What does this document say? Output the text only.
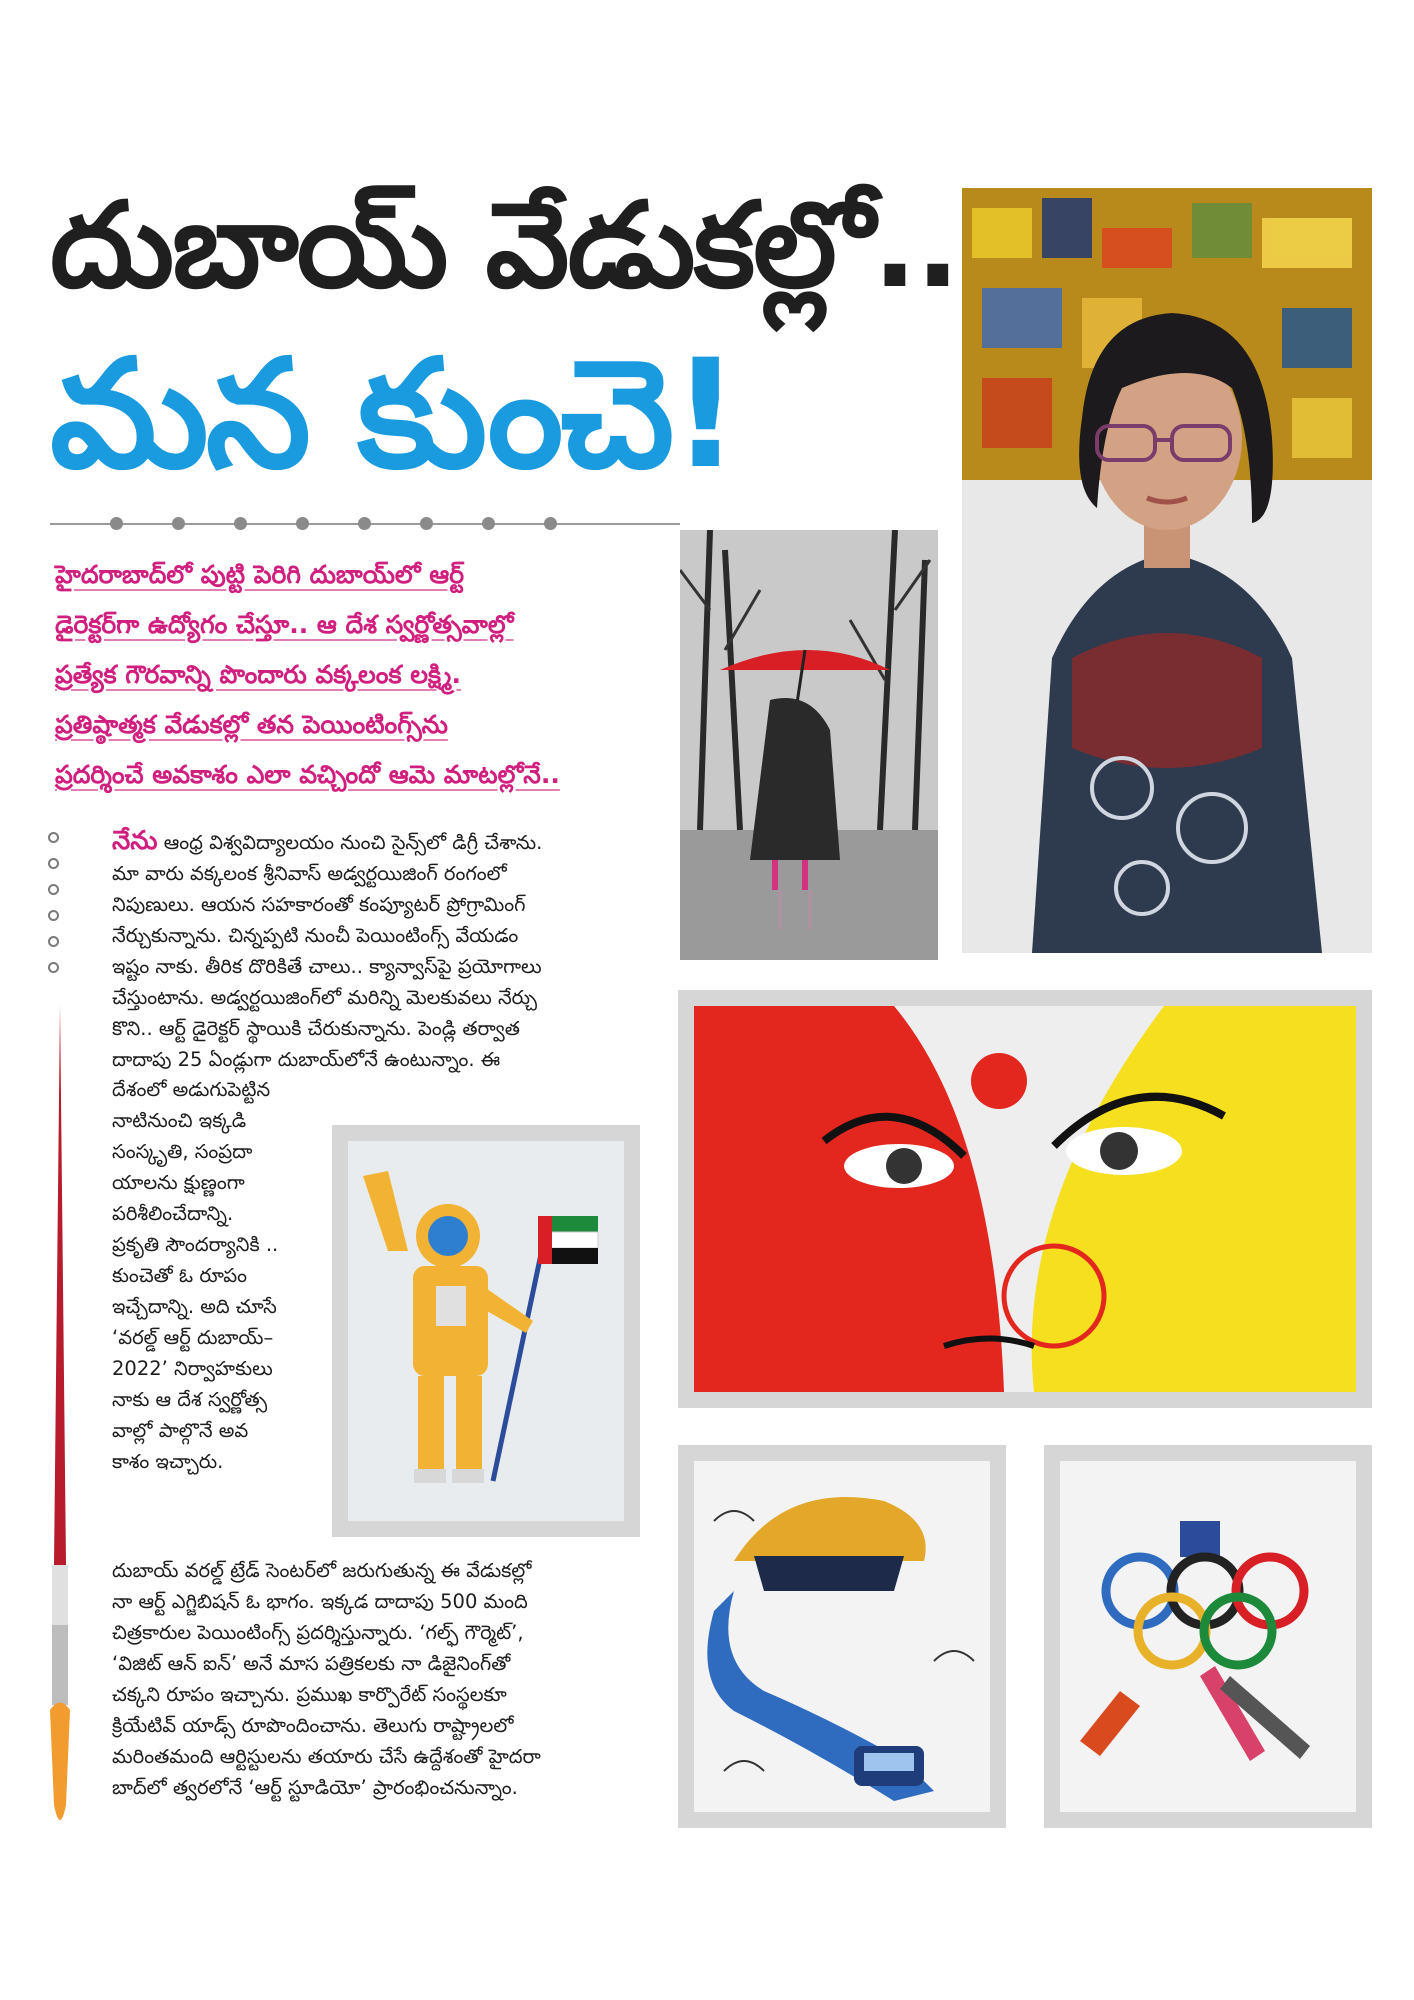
దుబాయ్‌ వేడుకల్లో..
మన కుంచె!
హైదరాబాద్‌లో పుట్టి పెరిగి దుబాయ్‌లో ఆర్ట్‌
డైరెక్టర్‌గా ఉద్యోగం చేస్తూ.. ఆ దేశ స్వర్ణోత్సవాల్లో
ప్రత్యేక గౌరవాన్ని పొందారు వక్కలంక లక్ష్మి.
ప్రతిష్ఠాత్మక వేడుకల్లో తన పెయింటింగ్స్‌ను
ప్రదర్శించే అవకాశం ఎలా వచ్చిందో ఆమె మాటల్లోనే..
నేను ఆంధ్ర విశ్వవిద్యాలయం నుంచి సైన్స్‌లో డిగ్రీ చేశాను.
మా వారు వక్కలంక శ్రీనివాస్‌ అడ్వర్టయిజింగ్‌ రంగంలో
నిపుణులు. ఆయన సహకారంతో కంప్యూటర్‌ ప్రోగ్రామింగ్‌
నేర్చుకున్నాను. చిన్నప్పటి నుంచీ పెయింటింగ్స్‌ వేయడం
ఇష్టం నాకు. తీరిక దొరికితే చాలు.. క్యాన్వాస్‌పై ప్రయోగాలు
చేస్తుంటాను. అడ్వర్టయిజింగ్‌లో మరిన్ని మెలకువలు నేర్చు
కొని.. ఆర్ట్‌ డైరెక్టర్‌ స్థాయికి చేరుకున్నాను. పెండ్లి తర్వాత
దాదాపు 25 ఏండ్లుగా దుబాయ్‌లోనే ఉంటున్నాం. ఈ
దేశంలో అడుగుపెట్టిన
నాటినుంచి ఇక్కడి
సంస్కృతి, సంప్రదా
యాలను క్షుణ్ణంగా
పరిశీలించేదాన్ని.
ప్రకృతి సౌందర్యానికి ..
కుంచెతో ఓ రూపం
ఇచ్చేదాన్ని. అది చూసే
‘వరల్డ్‌ ఆర్ట్‌ దుబాయ్‌–
2022’ నిర్వాహకులు
నాకు ఆ దేశ స్వర్ణోత్స
వాల్లో పాల్గొనే అవ
కాశం ఇచ్చారు.
దుబాయ్‌ వరల్డ్‌ ట్రేడ్‌ సెంటర్‌లో జరుగుతున్న ఈ వేడుకల్లో
నా ఆర్ట్‌ ఎగ్జిబిషన్‌ ఓ భాగం. ఇక్కడ దాదాపు 500 మంది
చిత్రకారుల పెయింటింగ్స్‌ ప్రదర్శిస్తున్నారు. ‘గల్ఫ్‌ గౌర్మెట్‌’,
‘విజిట్‌ ఆన్‌ ఐన్‌’ అనే మాస పత్రికలకు నా డిజైనింగ్‌తో
చక్కని రూపం ఇచ్చాను. ప్రముఖ కార్పొరేట్‌ సంస్థలకూ
క్రియేటివ్‌ యాడ్స్‌ రూపొందించాను. తెలుగు రాష్ట్రాలలో
మరింతమంది ఆర్టిస్టులను తయారు చేసే ఉద్దేశంతో హైదరా
బాద్‌లో త్వరలోనే ‘ఆర్ట్‌ స్టూడియో’ ప్రారంభించనున్నాం.
